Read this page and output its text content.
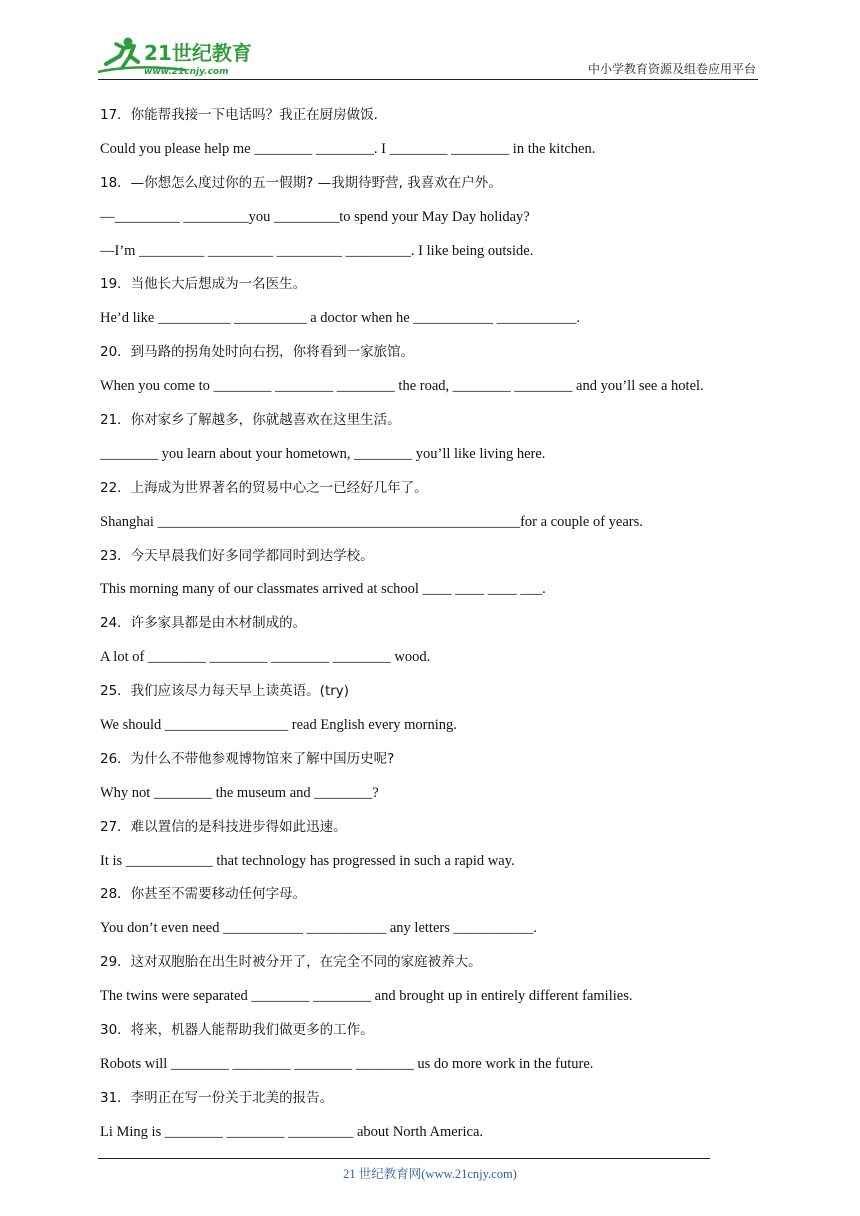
21世纪教育
www.21cnjy.com	中小学教育资源及组卷应用平台
17．你能帮我接一下电话吗？我正在厨房做饭.
Could you please help me ________ ________. I ________ ________ in the kitchen.
18．—你想怎么度过你的五一假期? —我期待野营, 我喜欢在户外。
—_________ _________you _________to spend your May Day holiday?
—I’m _________ _________ _________ _________. I like being outside.
19．当他长大后想成为一名医生。
He’d like __________ __________ a doctor when he ___________ ___________.
20．到马路的拐角处时向右拐，你将看到一家旅馆。
When you come to ________ ________ ________ the road, ________ ________ and you’ll see a hotel.
21．你对家乡了解越多，你就越喜欢在这里生活。
________ you learn about your hometown, ________ you’ll like living here.
22．上海成为世界著名的贸易中心之一已经好几年了。
Shanghai __________________________________________________for a couple of years.
23．今天早晨我们好多同学都同时到达学校。
This morning many of our classmates arrived at school ____ ____ ____ ___.
24．许多家具都是由木材制成的。
A lot of ________ ________ ________ ________ wood.
25．我们应该尽力每天早上读英语。(try)
We should _________________ read English every morning.
26．为什么不带他参观博物馆来了解中国历史呢?
Why not ________ the museum and ________?
27．难以置信的是科技进步得如此迅速。
It is ____________ that technology has progressed in such a rapid way.
28．你甚至不需要移动任何字母。
You don’t even need ___________ ___________ any letters ___________.
29．这对双胞胎在出生时被分开了，在完全不同的家庭被养大。
The twins were separated ________ ________ and brought up in entirely different families.
30．将来，机器人能帮助我们做更多的工作。
Robots will ________ ________ ________ ________ us do more work in the future.
31．李明正在写一份关于北美的报告。
Li Ming is ________ ________ _________ about North America.
21 世纪教育网(www.21cnjy.com)
